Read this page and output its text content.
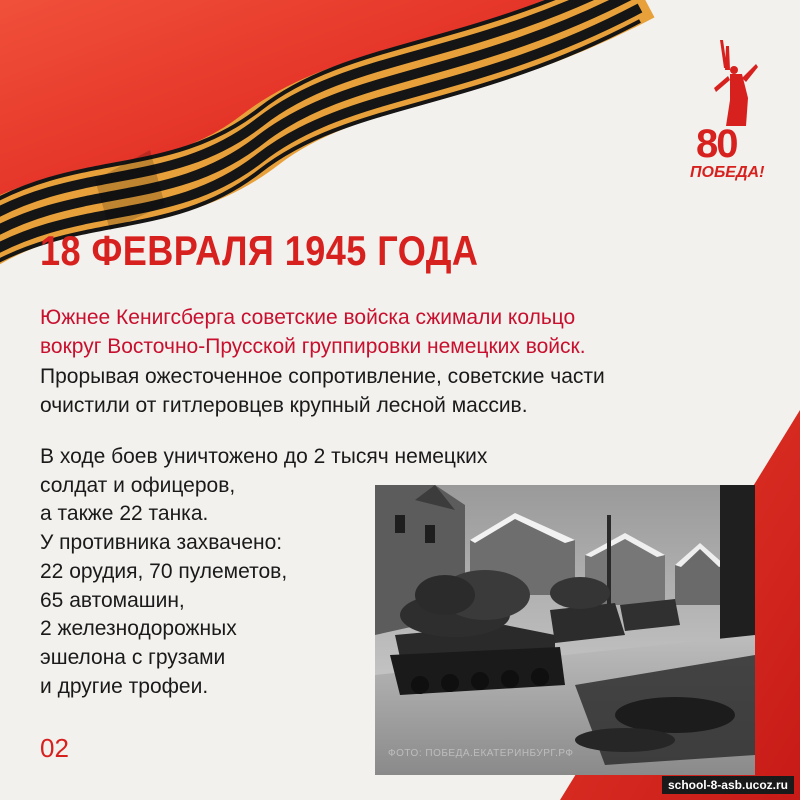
80
ПОБЕДА!
18 ФЕВРАЛЯ 1945 ГОДА
Южнее Кенигсберга советские войска сжимали кольцо
вокруг Восточно-Прусской группировки немецких войск.
Прорывая ожесточенное сопротивление, советские части
очистили от гитлеровцев крупный лесной массив.
В ходе боев уничтожено до 2 тысяч немецких
солдат и офицеров,
а также 22 танка.
У противника захвачено:
22 орудия, 70 пулеметов,
65 автомашин,
2 железнодорожных
эшелона с грузами
и другие трофеи.
ФОТО: ПОБЕДА.ЕКАТЕРИНБУРГ.РФ
02
school-8-asb.ucoz.ru
